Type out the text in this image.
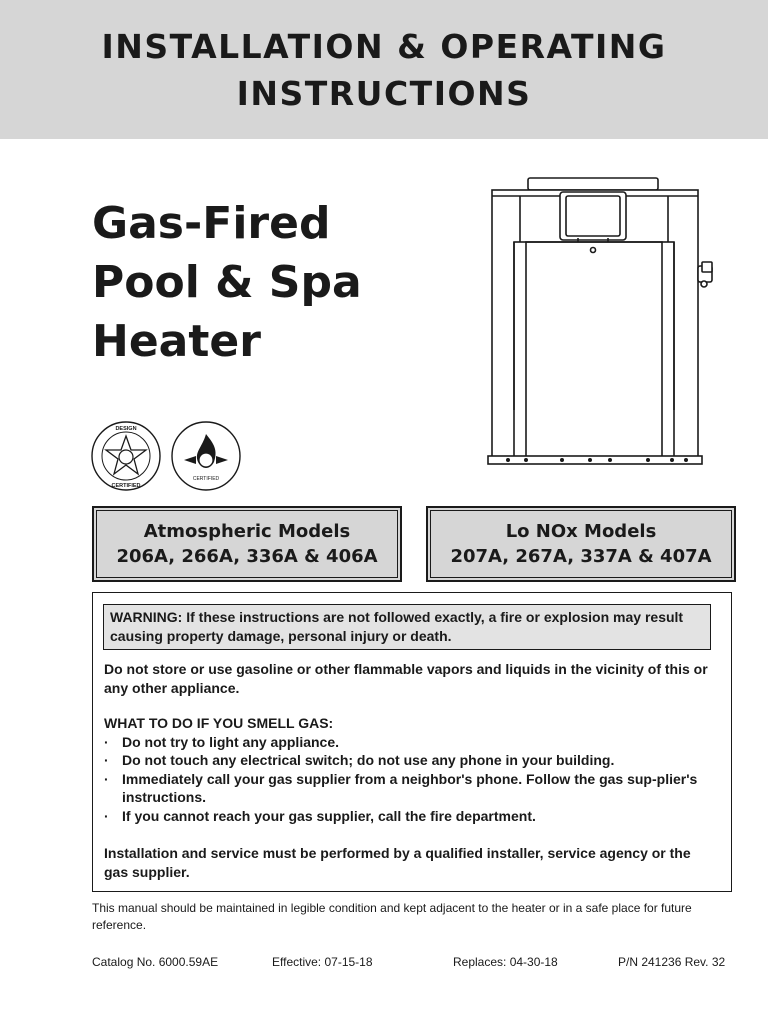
INSTALLATION & OPERATING
INSTRUCTIONS
Gas-Fired
Pool & Spa
Heater
DESIGN
CERTIFIED
CERTIFIED
Atmospheric Models
206A, 266A, 336A & 406A
Lo NOx Models
207A, 267A, 337A & 407A
WARNING: If these instructions are not followed exactly, a fire or explosion may result causing property damage, personal injury or death.
Do not store or use gasoline or other flammable vapors and liquids in the vicinity of this or any other appliance.
WHAT TO DO IF YOU SMELL GAS:
· Do not try to light any appliance.
· Do not touch any electrical switch; do not use any phone in your building.
· Immediately call your gas supplier from a neighbor's phone. Follow the gas sup-plier's instructions.
· If you cannot reach your gas supplier, call the fire department.
Installation and service must be performed by a qualified installer, service agency or the gas supplier.
This manual should be maintained in legible condition and kept adjacent to the heater or in a safe place for future reference.
Catalog No. 6000.59AE	Effective: 07-15-18	Replaces: 04-30-18	P/N 241236 Rev. 32
